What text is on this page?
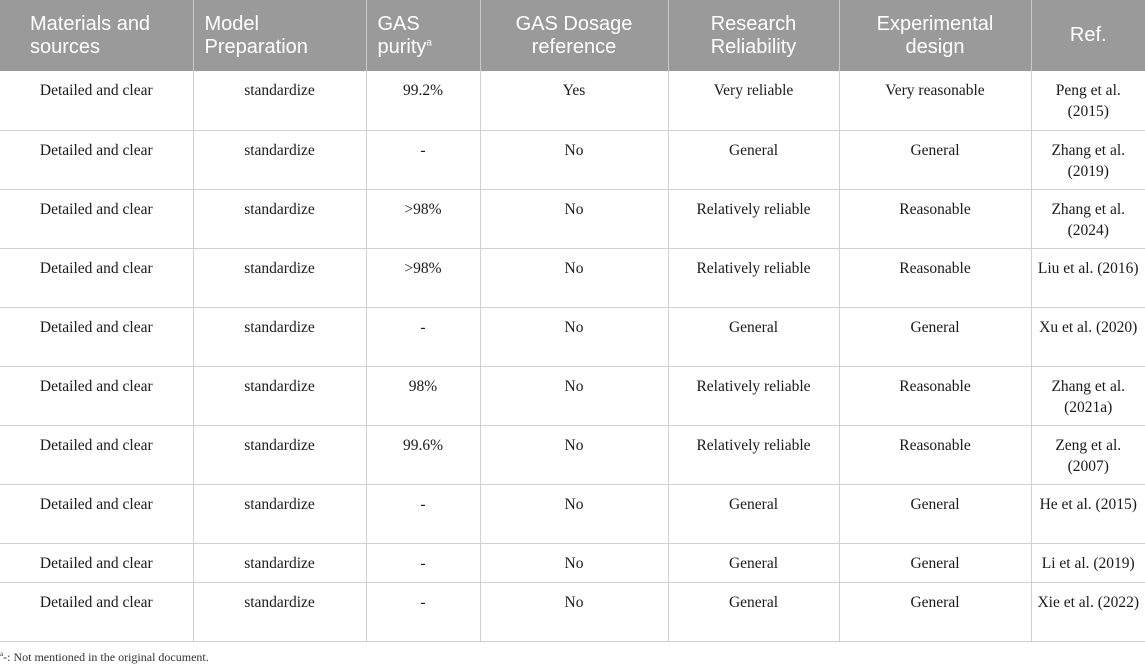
Materials and sources	Model Preparation	GAS purity$^a$	GAS Dosage reference	Research Reliability	Experimental design	Ref.
Detailed and clear	standardize	99.2%	Yes	Very reliable	Very reasonable	Peng et al. (2015)
Detailed and clear	standardize	-	No	General	General	Zhang et al. (2019)
Detailed and clear	standardize	>98%	No	Relatively reliable	Reasonable	Zhang et al. (2024)
Detailed and clear	standardize	>98%	No	Relatively reliable	Reasonable	Liu et al. (2016)
Detailed and clear	standardize	-	No	General	General	Xu et al. (2020)
Detailed and clear	standardize	98%	No	Relatively reliable	Reasonable	Zhang et al. (2021a)
Detailed and clear	standardize	99.6%	No	Relatively reliable	Reasonable	Zeng et al. (2007)
Detailed and clear	standardize	-	No	General	General	He et al. (2015)
Detailed and clear	standardize	-	No	General	General	Li et al. (2019)
Detailed and clear	standardize	-	No	General	General	Xie et al. (2022)
$^a$-: Not mentioned in the original document.
